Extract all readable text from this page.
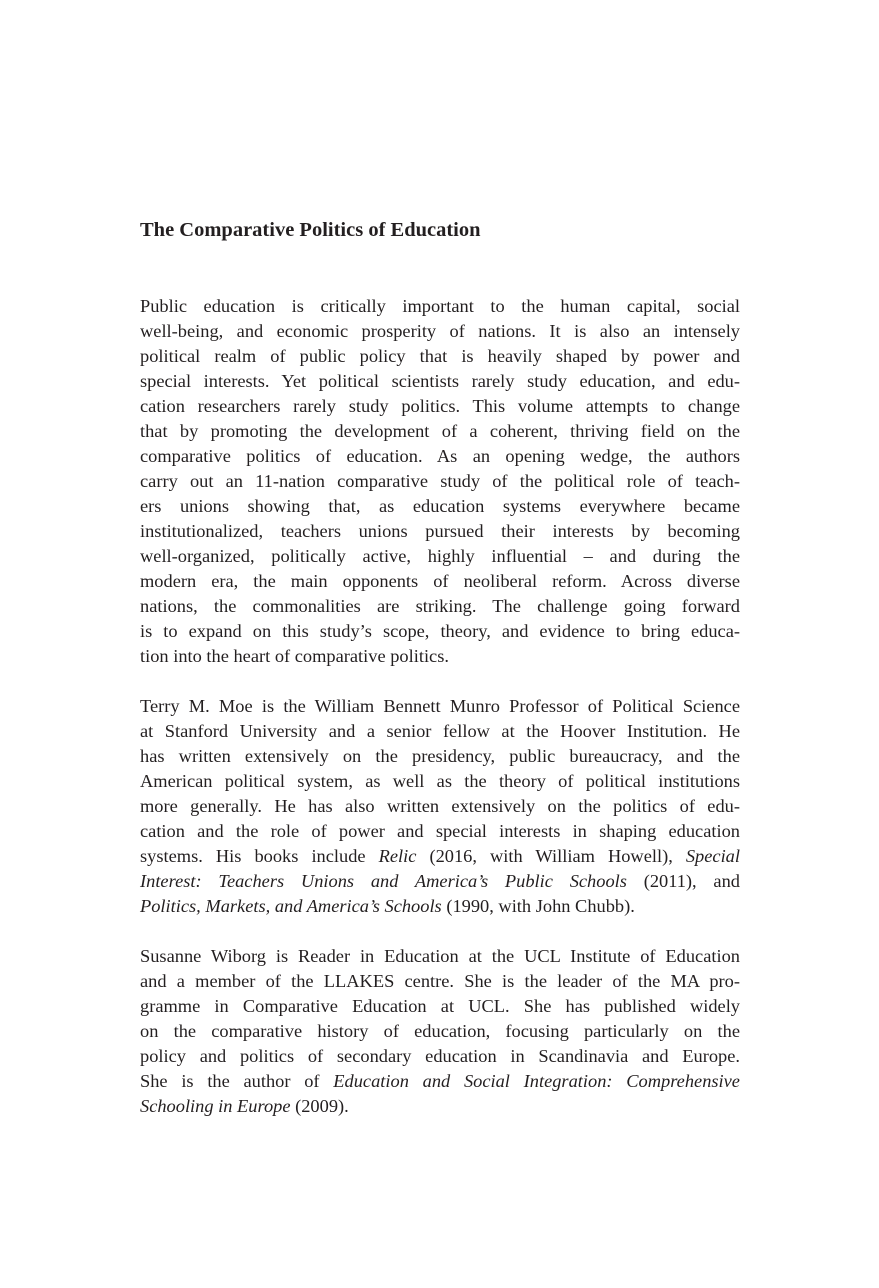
The Comparative Politics of Education
Public education is critically important to the human capital, social
well-being, and economic prosperity of nations. It is also an intensely
political realm of public policy that is heavily shaped by power and
special interests. Yet political scientists rarely study education, and edu-
cation researchers rarely study politics. This volume attempts to change
that by promoting the development of a coherent, thriving field on the
comparative politics of education. As an opening wedge, the authors
carry out an 11-nation comparative study of the political role of teach-
ers unions showing that, as education systems everywhere became
institutionalized, teachers unions pursued their interests by becoming
well-organized, politically active, highly influential – and during the
modern era, the main opponents of neoliberal reform. Across diverse
nations, the commonalities are striking. The challenge going forward
is to expand on this study’s scope, theory, and evidence to bring educa-
tion into the heart of comparative politics.
Terry M. Moe is the William Bennett Munro Professor of Political Science
at Stanford University and a senior fellow at the Hoover Institution. He
has written extensively on the presidency, public bureaucracy, and the
American political system, as well as the theory of political institutions
more generally. He has also written extensively on the politics of edu-
cation and the role of power and special interests in shaping education
systems. His books include Relic (2016, with William Howell), Special
Interest: Teachers Unions and America’s Public Schools (2011), and
Politics, Markets, and America’s Schools (1990, with John Chubb).
Susanne Wiborg is Reader in Education at the UCL Institute of Education
and a member of the LLAKES centre. She is the leader of the MA pro-
gramme in Comparative Education at UCL. She has published widely
on the comparative history of education, focusing particularly on the
policy and politics of secondary education in Scandinavia and Europe.
She is the author of Education and Social Integration: Comprehensive
Schooling in Europe (2009).
